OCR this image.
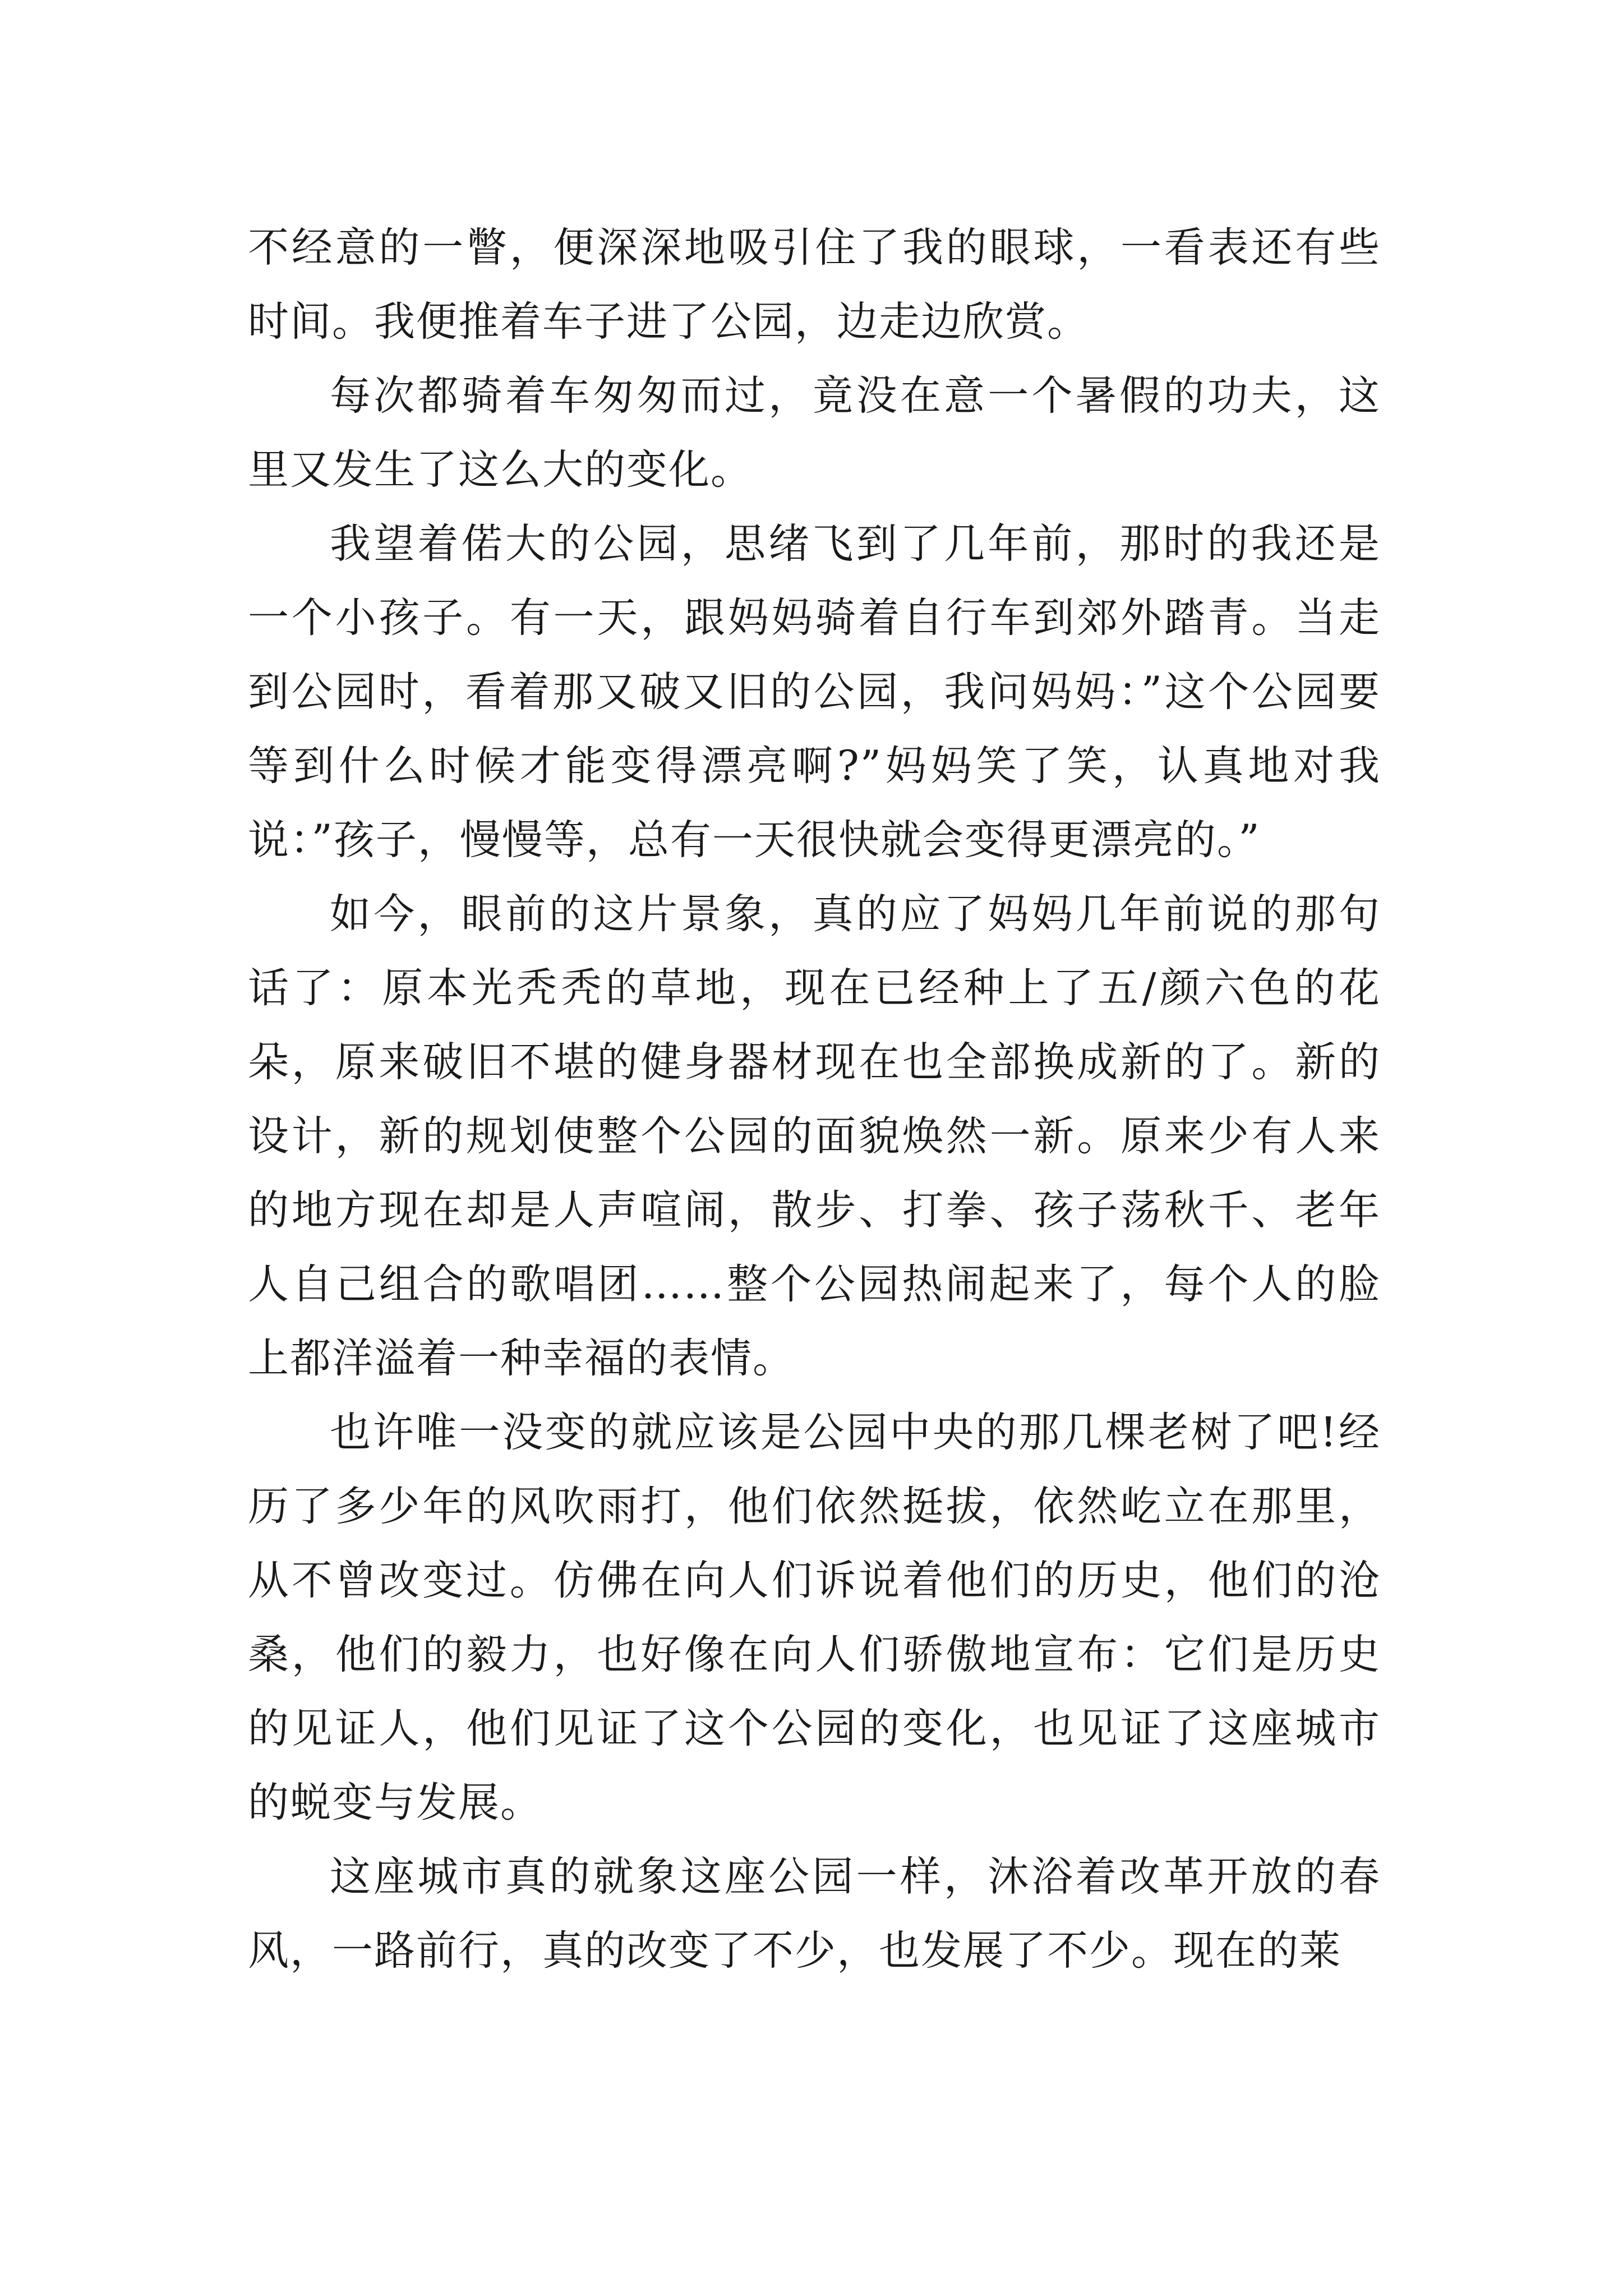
不经意的一瞥，便深深地吸引住了我的眼球，一看表还有些时间。我便推着车子进了公园，边走边欣赏。

每次都骑着车匆匆而过，竟没在意一个暑假的功夫，这里又发生了这么大的变化。

我望着偌大的公园，思绪飞到了几年前，那时的我还是一个小孩子。有一天，跟妈妈骑着自行车到郊外踏青。当走到公园时，看着那又破又旧的公园，我问妈妈：”这个公园要等到什么时候才能变得漂亮啊?”妈妈笑了笑，认真地对我说：”孩子，慢慢等，总有一天很快就会变得更漂亮的。”

如今，眼前的这片景象，真的应了妈妈几年前说的那句话了：原本光秃秃的草地，现在已经种上了五/颜六色的花朵，原来破旧不堪的健身器材现在也全部换成新的了。新的设计，新的规划使整个公园的面貌焕然一新。原来少有人来的地方现在却是人声喧闹，散步、打拳、孩子荡秋千、老年人自己组合的歌唱团……整个公园热闹起来了，每个人的脸上都洋溢着一种幸福的表情。

也许唯一没变的就应该是公园中央的那几棵老树了吧!经历了多少年的风吹雨打，他们依然挺拔，依然屹立在那里，从不曾改变过。仿佛在向人们诉说着他们的历史，他们的沧桑，他们的毅力，也好像在向人们骄傲地宣布：它们是历史的见证人，他们见证了这个公园的变化，也见证了这座城市的蜕变与发展。

这座城市真的就象这座公园一样，沐浴着改革开放的春风，一路前行，真的改变了不少，也发展了不少。现在的莱
